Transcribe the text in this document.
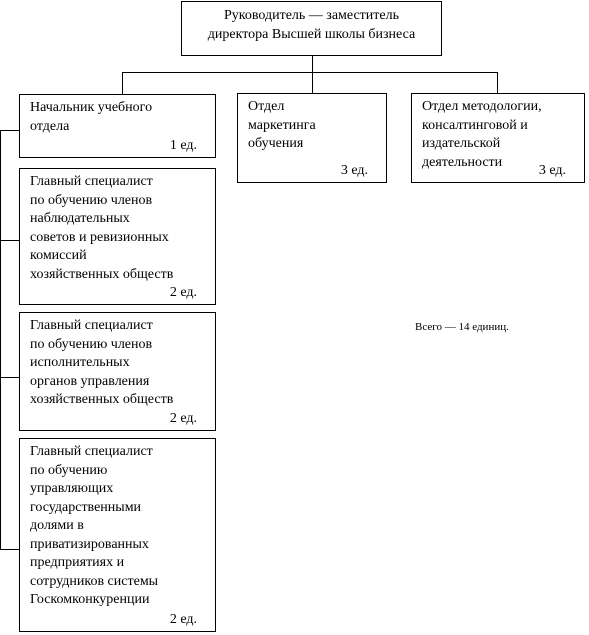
Руководитель — заместитель
директора Высшей школы бизнеса
Начальник учебного
отдела
1 ед.
Отдел
маркетинга
обучения
3 ед.
Отдел методологии,
консалтинговой и
издательской
деятельности
3 ед.
Главный специалист
по обучению членов
наблюдательных
советов и ревизионных
комиссий
хозяйственных обществ
2 ед.
Главный специалист
по обучению членов
исполнительных
органов управления
хозяйственных обществ
2 ед.
Главный специалист
по обучению
управляющих
государственными
долями в
приватизированных
предприятиях и
сотрудников системы
Госкомконкуренции
2 ед.
Всего — 14 единиц.
